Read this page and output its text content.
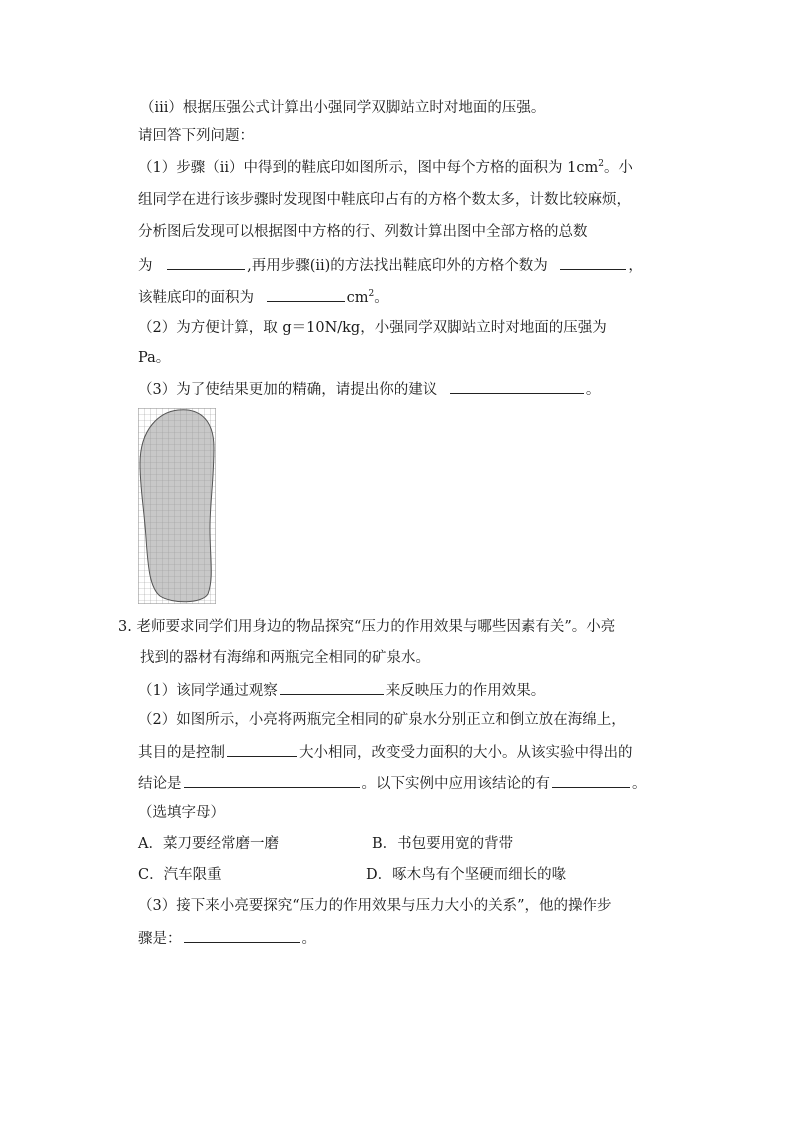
（ⅲ）根据压强公式计算出小强同学双脚站立时对地面的压强。
请回答下列问题：
（1）步骤（ⅱ）中得到的鞋底印如图所示，图中每个方格的面积为 $1cm^2$。小
组同学在进行该步骤时发现图中鞋底印占有的方格个数太多，计数比较麻烦，
分析图后发现可以根据图中方格的行、列数计算出图中全部方格的总数
为	,再用步骤(ⅱ)的方法找出鞋底印外的方格个数为	，
该鞋底印的面积为	$cm^2$。
（2）为方便计算，取 g＝10N/kg，小强同学双脚站立时对地面的压强为
Pa。
（3）为了使结果更加的精确，请提出你的建议	。
3. 老师要求同学们用身边的物品探究“压力的作用效果与哪些因素有关”。小亮
找到的器材有海绵和两瓶完全相同的矿泉水。
（1）该同学通过观察	来反映压力的作用效果。
（2）如图所示，小亮将两瓶完全相同的矿泉水分别正立和倒立放在海绵上，
其目的是控制	大小相同，改变受力面积的大小。从该实验中得出的
结论是	。以下实例中应用该结论的有	。
（选填字母）
A．菜刀要经常磨一磨	B．书包要用宽的背带
C．汽车限重	D．啄木鸟有个坚硬而细长的喙
（3）接下来小亮要探究“压力的作用效果与压力大小的关系”，他的操作步
骤是：	。
